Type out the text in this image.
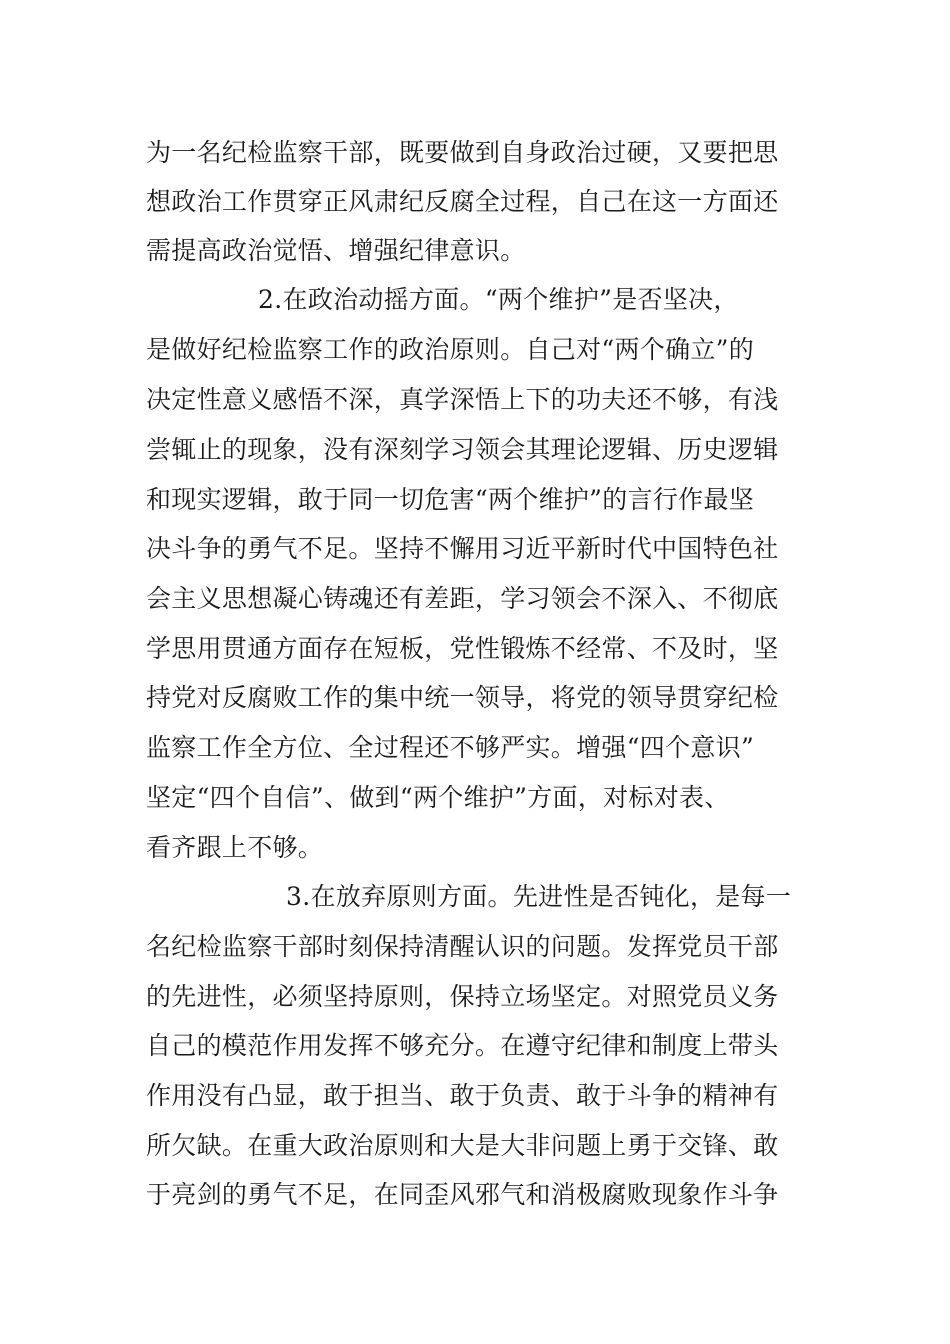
为一名纪检监察干部，既要做到自身政治过硬，又要把思
想政治工作贯穿正风肃纪反腐全过程，自己在这一方面还
需提高政治觉悟、增强纪律意识。
2.在政治动摇方面。“两个维护”是否坚决，
是做好纪检监察工作的政治原则。自己对“两个确立”的
决定性意义感悟不深，真学深悟上下的功夫还不够，有浅
尝辄止的现象，没有深刻学习领会其理论逻辑、历史逻辑
和现实逻辑，敢于同一切危害“两个维护”的言行作最坚
决斗争的勇气不足。坚持不懈用习近平新时代中国特色社
会主义思想凝心铸魂还有差距，学习领会不深入、不彻底
学思用贯通方面存在短板，党性锻炼不经常、不及时，坚
持党对反腐败工作的集中统一领导，将党的领导贯穿纪检
监察工作全方位、全过程还不够严实。增强“四个意识”
坚定“四个自信”、做到“两个维护”方面，对标对表、
看齐跟上不够。
3.在放弃原则方面。先进性是否钝化，是每一
名纪检监察干部时刻保持清醒认识的问题。发挥党员干部
的先进性，必须坚持原则，保持立场坚定。对照党员义务
自己的模范作用发挥不够充分。在遵守纪律和制度上带头
作用没有凸显，敢于担当、敢于负责、敢于斗争的精神有
所欠缺。在重大政治原则和大是大非问题上勇于交锋、敢
于亮剑的勇气不足，在同歪风邪气和消极腐败现象作斗争
